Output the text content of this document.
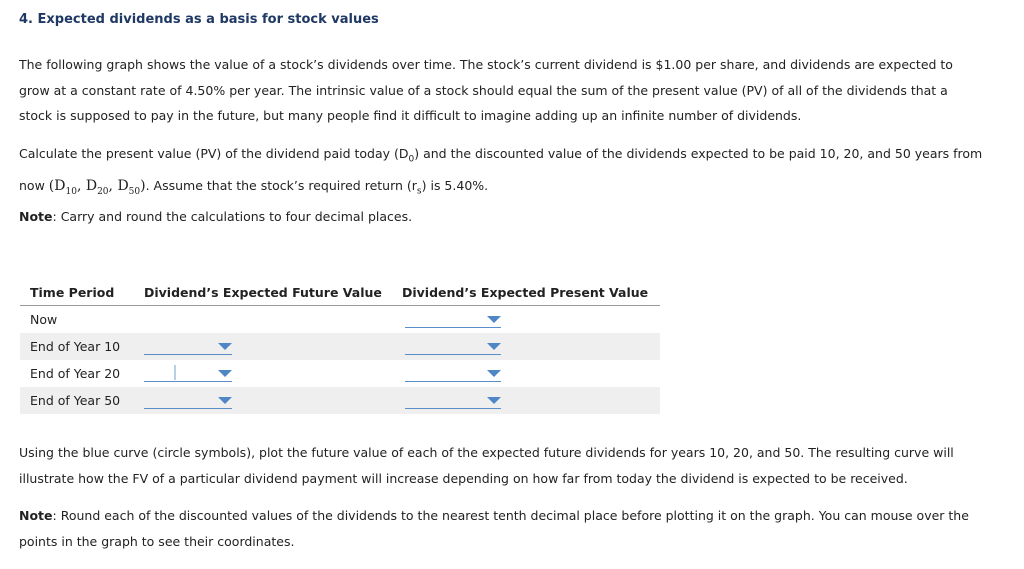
4. Expected dividends as a basis for stock values

The following graph shows the value of a stock’s dividends over time. The stock’s current dividend is $1.00 per share, and dividends are expected to grow at a constant rate of 4.50% per year. The intrinsic value of a stock should equal the sum of the present value (PV) of all of the dividends that a stock is supposed to pay in the future, but many people find it difficult to imagine adding up an infinite number of dividends.

Calculate the present value (PV) of the dividend paid today $(D_0)$ and the discounted value of the dividends expected to be paid 10, 20, and 50 years from now ($D_{10}$, $D_{20}$, $D_{50}$). Assume that the stock’s required return $(r_s)$ is 5.40%.

Note: Carry and round the calculations to four decimal places.

Time Period	Dividend’s Expected Future Value	Dividend’s Expected Present Value
Now		

End of Year 10	

End of Year 20	

End of Year 50	

Using the blue curve (circle symbols), plot the future value of each of the expected future dividends for years 10, 20, and 50. The resulting curve will illustrate how the FV of a particular dividend payment will increase depending on how far from today the dividend is expected to be received.

Note: Round each of the discounted values of the dividends to the nearest tenth decimal place before plotting it on the graph. You can mouse over the points in the graph to see their coordinates.
